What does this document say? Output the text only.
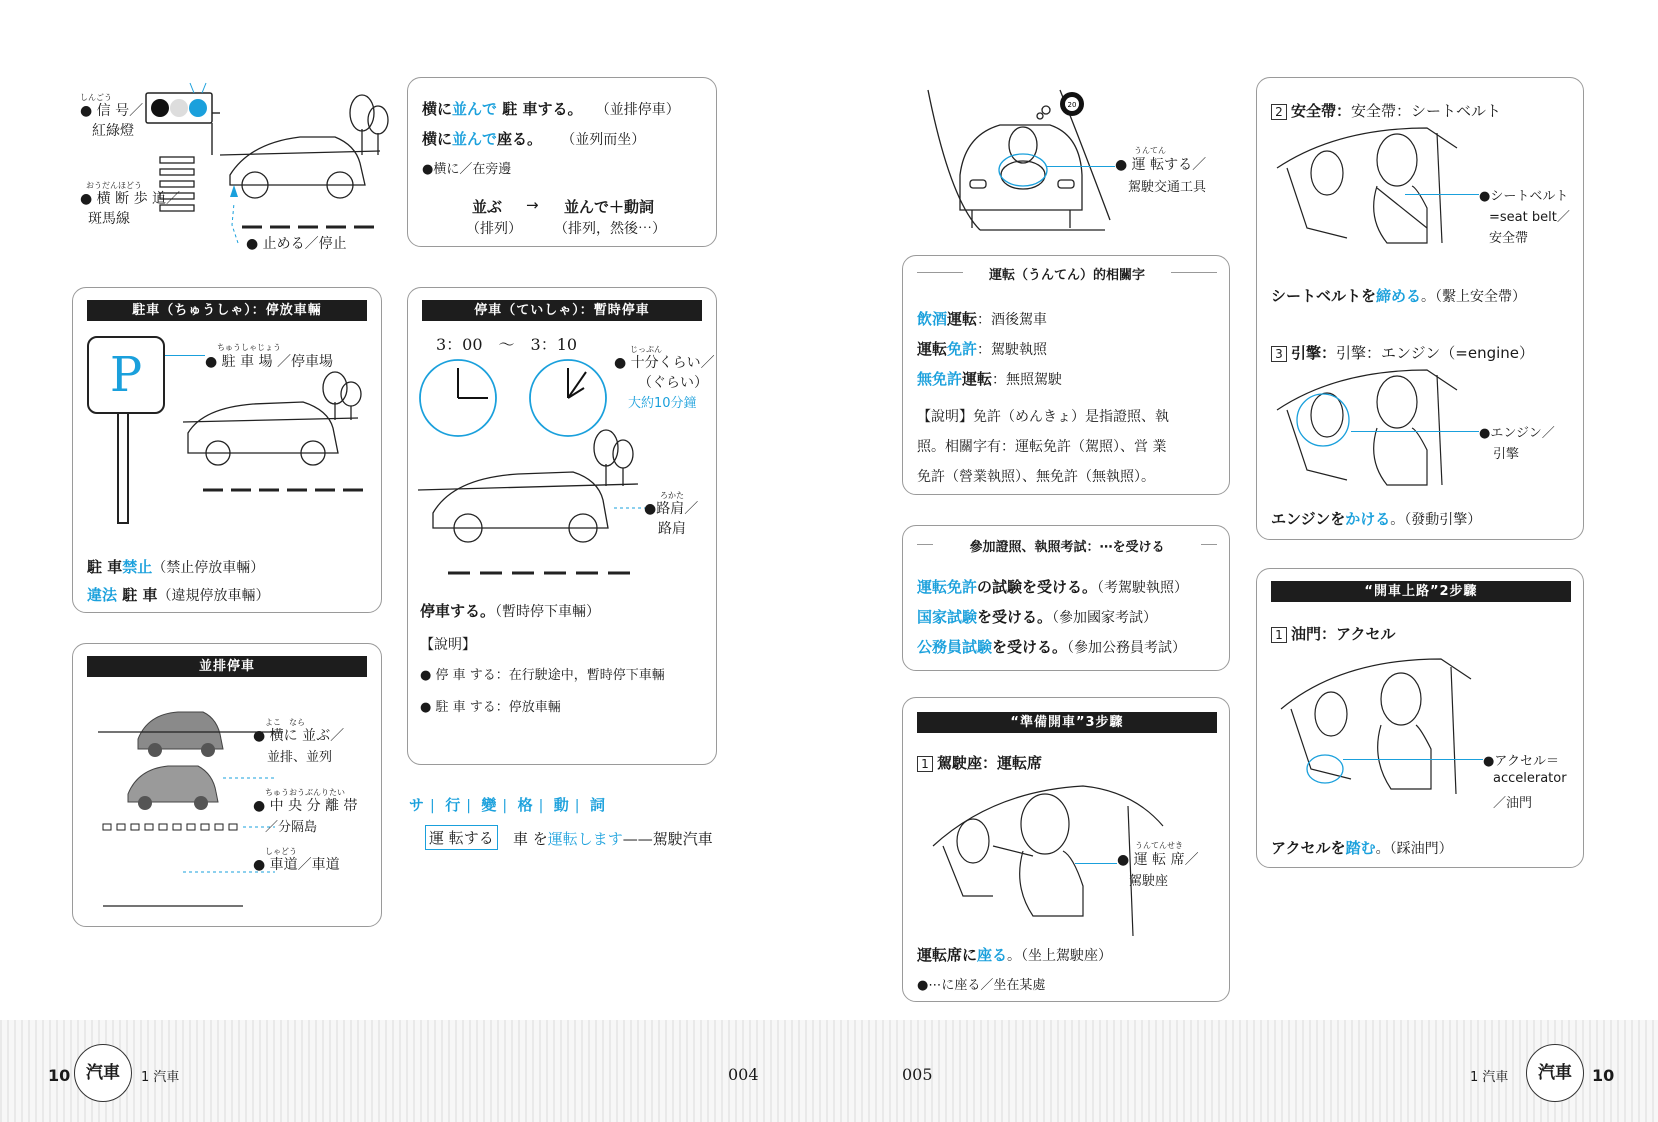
しんごう
● 信 号／
紅綠燈
おうだんほどう
● 横 断 歩 道／
斑馬線
● 止める／停止
横に並んで 駐 車する。 （並排停車）
横に並んで座る。 （並列而坐）
●横に／在旁邊
並ぶ → 並んで＋動詞
（排列） （排列，然後⋯）
駐車（ちゅうしゃ）：停放車輛
P	ちゅうしゃじょう
● 駐 車 場 ／停車場
駐 車禁止（禁止停放車輛）
違法 駐 車（違規停放車輛）
停車（ていしゃ）：暫時停車
3：00　～　3：10	じっぷん
● 十分くらい／
（ぐらい）
大約10分鐘
ろかた
●路肩／
路肩
停車する。（暫時停下車輛）
【說明】
● 停 車 する：在行駛途中，暫時停下車輛
● 駐 車 する：停放車輛
並排停車
よこ　なら
● 横に 並ぶ／
並排、並列
ちゅうおうぶんりたい
● 中 央 分 離 帯
／分隔島
しゃどう
● 車道／車道
サ | 行 | 變 | 格 | 動 | 詞
運 転する 車 を運転します——駕駛汽車
20
うんてん
● 運 転する／
駕駛交通工具
運転（うんてん）的相關字
飲酒運転：酒後駕車
運転免許：駕駛執照
無免許運転：無照駕駛
【說明】免許（めんきょ）是指證照、執
照。相關字有：運転免許（駕照）、営 業
免許（營業執照）、無免許（無執照）。
參加證照、執照考試：⋯を受ける
運転免許の試験を受ける。（考駕駛執照）
国家試験を受ける。（參加國家考試）
公務員試験を受ける。（參加公務員考試）
“準備開車”3步驟
1 駕駛座：運転席
うんてんせき
● 運 転 席／
駕駛座
運転席に座る。（坐上駕駛座）
●⋯に座る／坐在某處
2 安全帶：安全帶：シートベルト
●シートベルト
=seat belt／
安全帶
シートベルトを締める。（繫上安全帶）
3 引擎：引擎：エンジン（=engine）
●エンジン／
引擎
エンジンをかける。（發動引擎）
“開車上路”2步驟
1 油門：アクセル
●アクセル＝
accelerator
／油門
アクセルを踏む。（踩油門）
10 汽車	1 汽車	004	005	1 汽車	汽車	10
